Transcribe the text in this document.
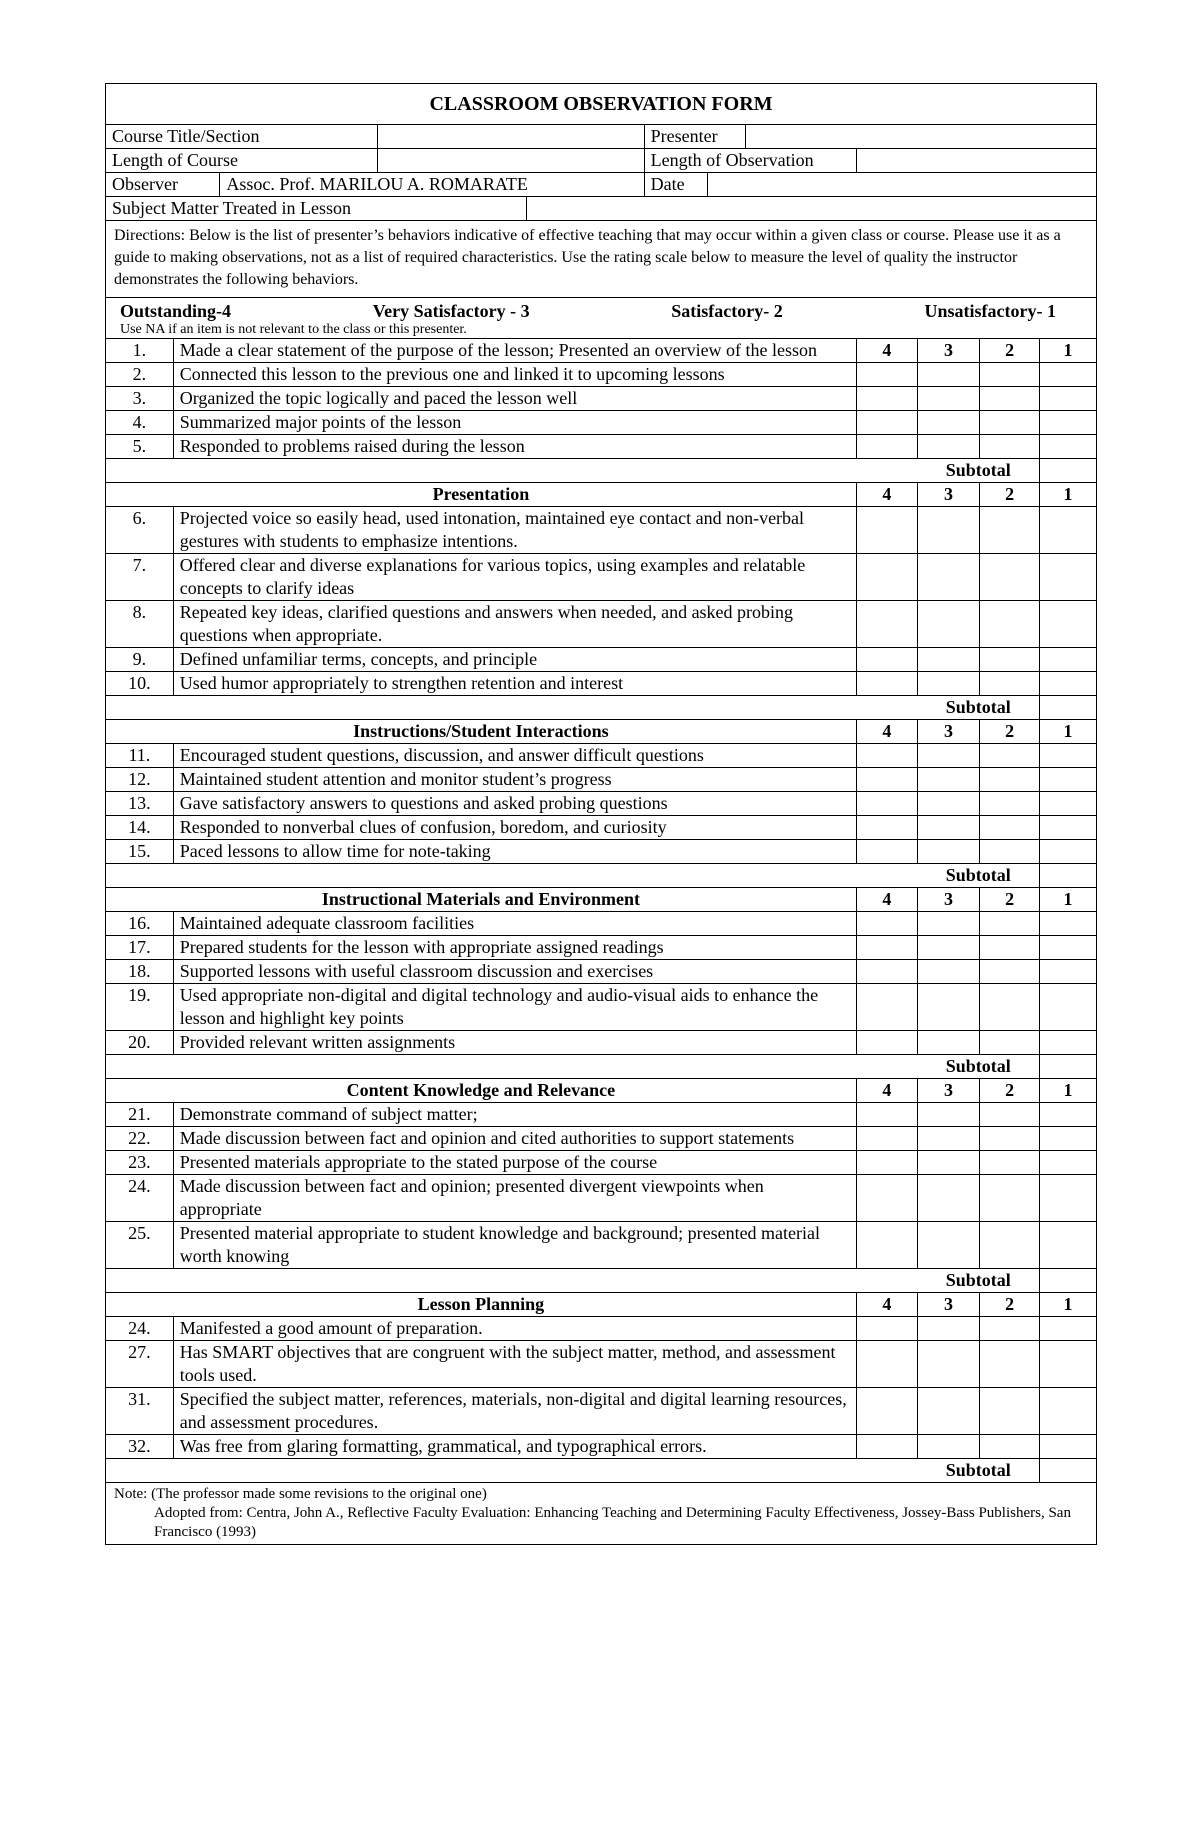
CLASSROOM OBSERVATION FORM											
Course Title/Section					Presenter						
Length of Course					Length of Observation						
Observer		Assoc. Prof. MARILOU A. ROMARATE			Date						
Subject Matter Treated in Lesson											
Directions: Below is the list of presenter’s behaviors indicative of effective teaching that may occur within a given class or course. Please use it as a guide to making observations, not as a list of required characteristics. Use the rating scale below to measure the level of quality the instructor demonstrates the following behaviors.											

Outstanding-4 Very Satisfactory - 3 Satisfactory- 2 Unsatisfactory- 1											

Use NA if an item is not relevant to the class or this presenter.											
1.	Made a clear statement of the purpose of the lesson; Presented an overview of the lesson							4	3	2	1
2.	Connected this lesson to the previous one and linked it to upcoming lessons										
3.	Organized the topic logically and paced the lesson well										
4.	Summarized major points of the lesson										
5.	Responded to problems raised during the lesson										
									Subtotal		
Presentation								4	3	2	1
6.	Projected voice so easily head, used intonation, maintained eye contact and non-verbal gestures with students to emphasize intentions.										
7.	Offered clear and diverse explanations for various topics, using examples and relatable concepts to clarify ideas										
8.	Repeated key ideas, clarified questions and answers when needed, and asked probing questions when appropriate.										
9.	Defined unfamiliar terms, concepts, and principle										
10.	Used humor appropriately to strengthen retention and interest										
									Subtotal		
Instructions/Student Interactions								4	3	2	1
11.	Encouraged student questions, discussion, and answer difficult questions										
12.	Maintained student attention and monitor student’s progress										
13.	Gave satisfactory answers to questions and asked probing questions										
14.	Responded to nonverbal clues of confusion, boredom, and curiosity										
15.	Paced lessons to allow time for note-taking										
									Subtotal		
Instructional Materials and Environment								4	3	2	1
16.	Maintained adequate classroom facilities										
17.	Prepared students for the lesson with appropriate assigned readings										
18.	Supported lessons with useful classroom discussion and exercises										
19.	Used appropriate non-digital and digital technology and audio-visual aids to enhance the lesson and highlight key points										
20.	Provided relevant written assignments										
									Subtotal		
Content Knowledge and Relevance								4	3	2	1
21.	Demonstrate command of subject matter;										
22.	Made discussion between fact and opinion and cited authorities to support statements										
23.	Presented materials appropriate to the stated purpose of the course										
24.	Made discussion between fact and opinion; presented divergent viewpoints when appropriate										
25.	Presented material appropriate to student knowledge and background; presented material worth knowing										
									Subtotal		
Lesson Planning								4	3	2	1
24.	Manifested a good amount of preparation.										
27.	Has SMART objectives that are congruent with the subject matter, method, and assessment tools used.										
31.	Specified the subject matter, references, materials, non-digital and digital learning resources, and assessment procedures.										
32.	Was free from glaring formatting, grammatical, and typographical errors.										
									Subtotal		

Note: (The professor made some revisions to the original one)
Adopted from: Centra, John A., Reflective Faculty Evaluation: Enhancing Teaching and Determining Faculty Effectiveness, Jossey-Bass Publishers, San Francisco (1993)											
